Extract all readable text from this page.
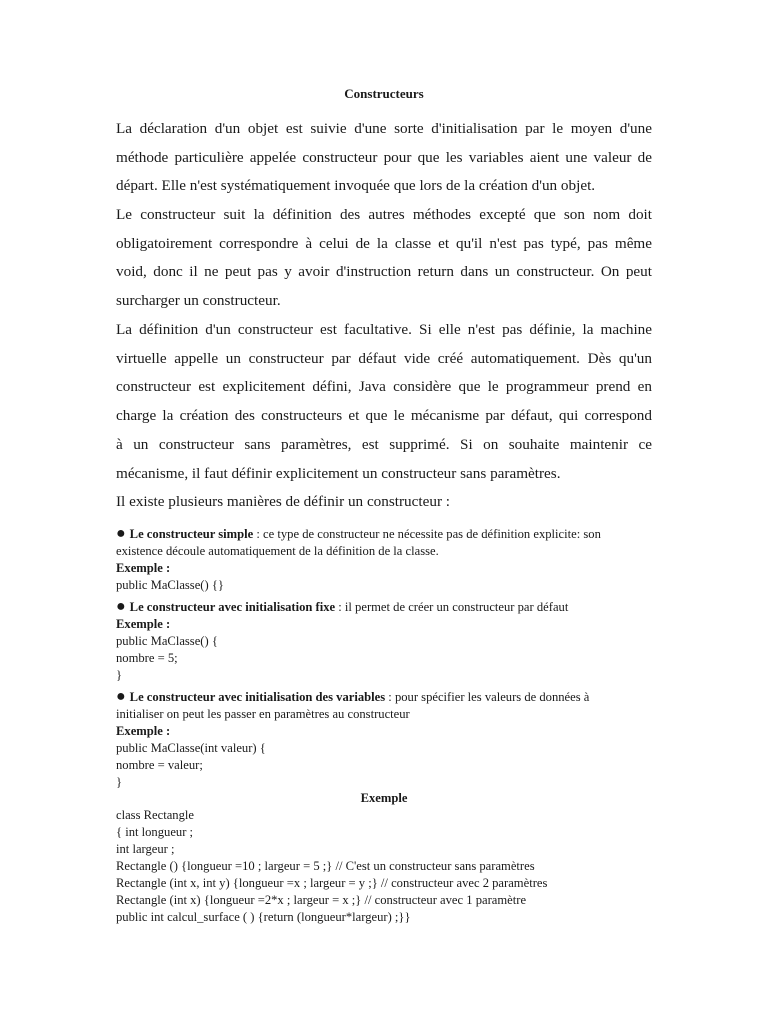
Constructeurs

La déclaration d'un objet est suivie d'une sorte d'initialisation par le moyen d'une
méthode particulière appelée constructeur pour que les variables aient une valeur de
départ. Elle n'est systématiquement invoquée que lors de la création d'un objet.

Le constructeur suit la définition des autres méthodes excepté que son nom doit
obligatoirement correspondre à celui de la classe et qu'il n'est pas typé, pas même
void, donc il ne peut pas y avoir d'instruction return dans un constructeur. On peut
surcharger un constructeur.

La définition d'un constructeur est facultative. Si elle n'est pas définie, la machine
virtuelle appelle un constructeur par défaut vide créé automatiquement. Dès qu'un
constructeur est explicitement défini, Java considère que le programmeur prend en
charge la création des constructeurs et que le mécanisme par défaut, qui correspond
à un constructeur sans paramètres, est supprimé. Si on souhaite maintenir ce
mécanisme, il faut définir explicitement un constructeur sans paramètres.

Il existe plusieurs manières de définir un constructeur :

● Le constructeur simple : ce type de constructeur ne nécessite pas de définition explicite: son
existence découle automatiquement de la définition de la classe.
Exemple :
public MaClasse() {}
● Le constructeur avec initialisation fixe : il permet de créer un constructeur par défaut
Exemple :
public MaClasse() {
nombre = 5;
}
● Le constructeur avec initialisation des variables : pour spécifier les valeurs de données à
initialiser on peut les passer en paramètres au constructeur
Exemple :
public MaClasse(int valeur) {
nombre = valeur;
}
Exemple
class Rectangle
{ int longueur ;
int largeur ;
Rectangle () {longueur =10 ; largeur = 5 ;} // C'est un constructeur sans paramètres
Rectangle (int x, int y) {longueur =x ; largeur = y ;} // constructeur avec 2 paramètres
Rectangle (int x) {longueur =2*x ; largeur = x ;} // constructeur avec 1 paramètre
public int calcul_surface ( ) {return (longueur*largeur) ;}}
